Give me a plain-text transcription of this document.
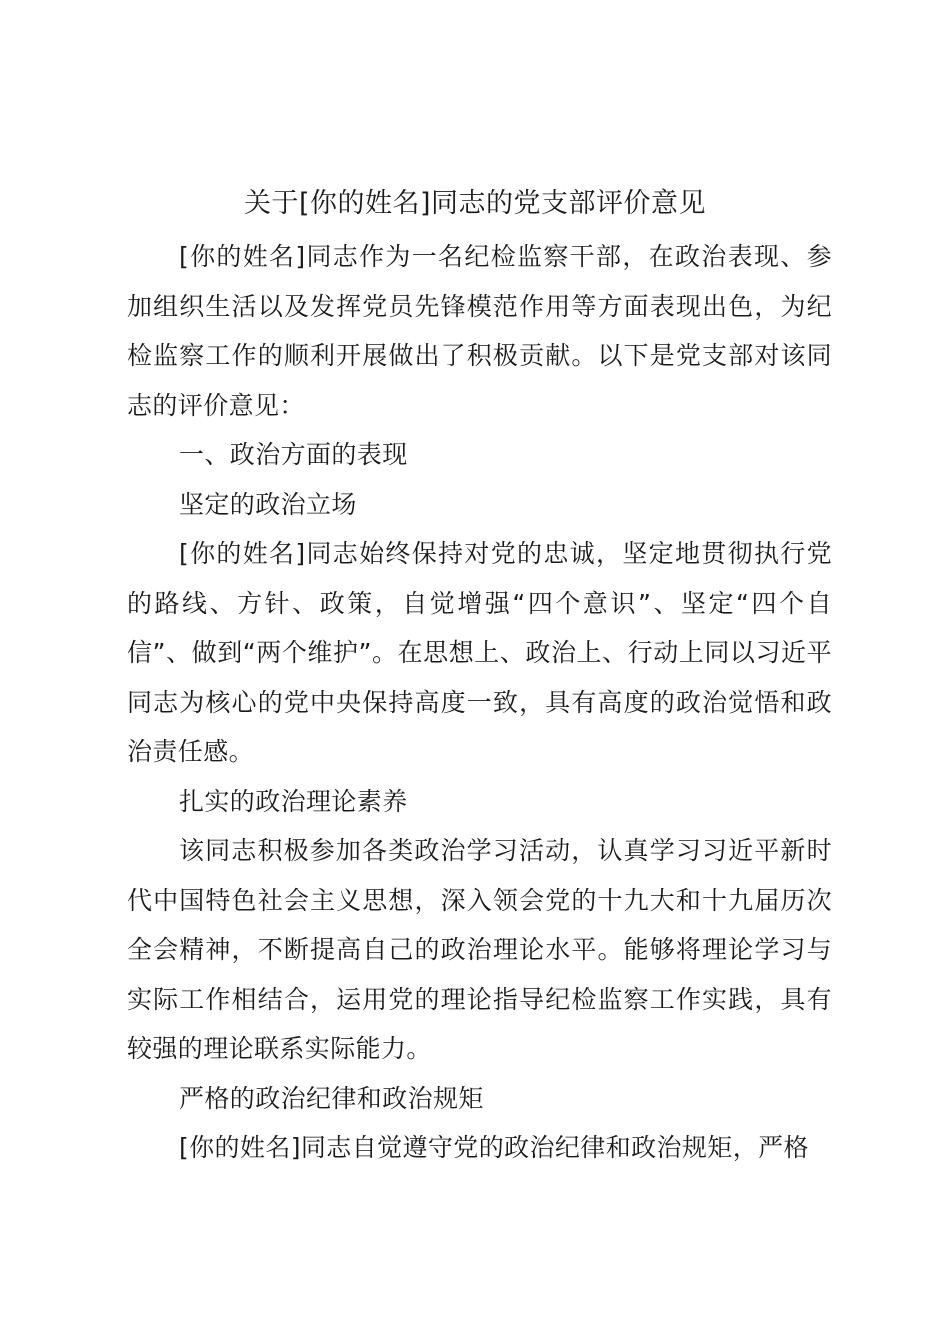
关于[你的姓名]同志的党支部评价意见

[你的姓名]同志作为一名纪检监察干部，在政治表现、参加组织生活以及发挥党员先锋模范作用等方面表现出色，为纪检监察工作的顺利开展做出了积极贡献。以下是党支部对该同志的评价意见：

一、政治方面的表现

坚定的政治立场

[你的姓名]同志始终保持对党的忠诚，坚定地贯彻执行党的路线、方针、政策，自觉增强“四个意识”、坚定“四个自信”、做到“两个维护”。在思想上、政治上、行动上同以习近平同志为核心的党中央保持高度一致，具有高度的政治觉悟和政治责任感。

扎实的政治理论素养

该同志积极参加各类政治学习活动，认真学习习近平新时代中国特色社会主义思想，深入领会党的十九大和十九届历次全会精神，不断提高自己的政治理论水平。能够将理论学习与实际工作相结合，运用党的理论指导纪检监察工作实践，具有较强的理论联系实际能力。

严格的政治纪律和政治规矩

[你的姓名]同志自觉遵守党的政治纪律和政治规矩，严格
